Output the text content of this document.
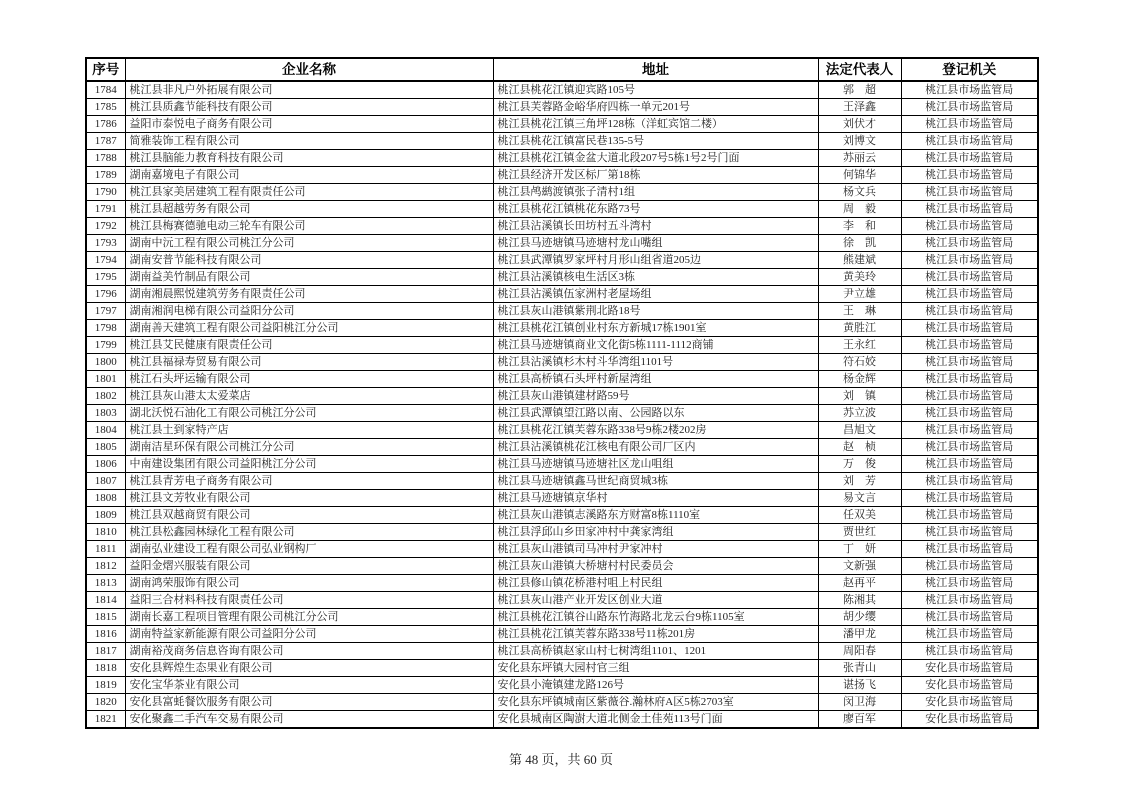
序号	企业名称	地址	法定代表人	登记机关
1784	桃江县非凡户外拓展有限公司	桃江县桃花江镇迎宾路105号	郭　超	桃江县市场监管局
1785	桃江县质鑫节能科技有限公司	桃江县芙蓉路金峪华府四栋一单元201号	王泽鑫	桃江县市场监管局
1786	益阳市泰悦电子商务有限公司	桃江县桃花江镇三角坪128栋（洋虹宾馆二楼）	刘伏才	桃江县市场监管局
1787	简雅装饰工程有限公司	桃江县桃花江镇富民巷135-5号	刘博文	桃江县市场监管局
1788	桃江县脑能力教育科技有限公司	桃江县桃花江镇金盆大道北段207号5栋1号2号门面	苏丽云	桃江县市场监管局
1789	湖南嘉境电子有限公司	桃江县经济开发区标厂第18栋	何锦华	桃江县市场监管局
1790	桃江县家美居建筑工程有限责任公司	桃江县鸬鹚渡镇张子清村1组	杨文兵	桃江县市场监管局
1791	桃江县超越劳务有限公司	桃江县桃花江镇桃花东路73号	周　毅	桃江县市场监管局
1792	桃江县梅赛德驰电动三轮车有限公司	桃江县沾溪镇长田坊村五斗湾村	李　和	桃江县市场监管局
1793	湖南中沅工程有限公司桃江分公司	桃江县马迹塘镇马迹塘村龙山嘴组	徐　凯	桃江县市场监管局
1794	湖南安普节能科技有限公司	桃江县武潭镇罗家坪村月形山组省道205边	熊建斌	桃江县市场监管局
1795	湖南益美竹制品有限公司	桃江县沾溪镇核电生活区3栋	黄美玲	桃江县市场监管局
1796	湖南湘晨熙悦建筑劳务有限责任公司	桃江县沾溪镇伍家洲村老屋场组	尹立雄	桃江县市场监管局
1797	湖南湘润电梯有限公司益阳分公司	桃江县灰山港镇紫荆北路18号	王　琳	桃江县市场监管局
1798	湖南善天建筑工程有限公司益阳桃江分公司	桃江县桃花江镇创业村东方新城17栋1901室	黄胜江	桃江县市场监管局
1799	桃江县艾民健康有限责任公司	桃江县马迹塘镇商业文化街5栋1111-1112商铺	王永红	桃江县市场监管局
1800	桃江县福禄寿贸易有限公司	桃江县沾溪镇杉木村斗华湾组1101号	符石姣	桃江县市场监管局
1801	桃江石头坪运输有限公司	桃江县高桥镇石头坪村新屋湾组	杨金辉	桃江县市场监管局
1802	桃江县灰山港太太爱菜店	桃江县灰山港镇建材路59号	刘　镇	桃江县市场监管局
1803	湖北沃悦石油化工有限公司桃江分公司	桃江县武潭镇望江路以南、公园路以东	苏立波	桃江县市场监管局
1804	桃江县土到家特产店	桃江县桃花江镇芙蓉东路338号9栋2楼202房	昌旭文	桃江县市场监管局
1805	湖南洁星环保有限公司桃江分公司	桃江县沾溪镇桃花江核电有限公司厂区内	赵　桢	桃江县市场监管局
1806	中南建设集团有限公司益阳桃江分公司	桃江县马迹塘镇马迹塘社区龙山咀组	万　俊	桃江县市场监管局
1807	桃江县青芳电子商务有限公司	桃江县马迹塘镇鑫马世纪商贸城3栋	刘　芳	桃江县市场监管局
1808	桃江县文芳牧业有限公司	桃江县马迹塘镇京华村	易文言	桃江县市场监管局
1809	桃江县双越商贸有限公司	桃江县灰山港镇志溪路东方财富8栋1110室	任双美	桃江县市场监管局
1810	桃江县松鑫园林绿化工程有限公司	桃江县浮邱山乡田家冲村中龚家湾组	贾世红	桃江县市场监管局
1811	湖南弘业建设工程有限公司弘业钢构厂	桃江县灰山港镇司马冲村尹家冲村	丁　妍	桃江县市场监管局
1812	益阳金熠兴服装有限公司	桃江县灰山港镇大桥塘村村民委员会	文新强	桃江县市场监管局
1813	湖南鸿荣服饰有限公司	桃江县修山镇花桥港村咀上村民组	赵再平	桃江县市场监管局
1814	益阳三合材料科技有限责任公司	桃江县灰山港产业开发区创业大道	陈湘其	桃江县市场监管局
1815	湖南长嘉工程项目管理有限公司桃江分公司	桃江县桃花江镇谷山路东竹海路北龙云台9栋1105室	胡少缨	桃江县市场监管局
1816	湖南特益家新能源有限公司益阳分公司	桃江县桃花江镇芙蓉东路338号11栋201房	潘甲龙	桃江县市场监管局
1817	湖南裕茂商务信息咨询有限公司	桃江县高桥镇赵家山村七树湾组1101、1201	周阳春	桃江县市场监管局
1818	安化县辉煌生态果业有限公司	安化县东坪镇大园村官三组	张青山	安化县市场监管局
1819	安化宝华茶业有限公司	安化县小淹镇建龙路126号	谌扬飞	安化县市场监管局
1820	安化县富蚝餐饮服务有限公司	安化县东坪镇城南区紫薇谷.瀚林府A区5栋2703室	闵卫海	安化县市场监管局
1821	安化聚鑫二手汽车交易有限公司	安化县城南区陶澍大道北侧金土佳苑113号门面	廖百军	安化县市场监管局
第 48 页，共 60 页
